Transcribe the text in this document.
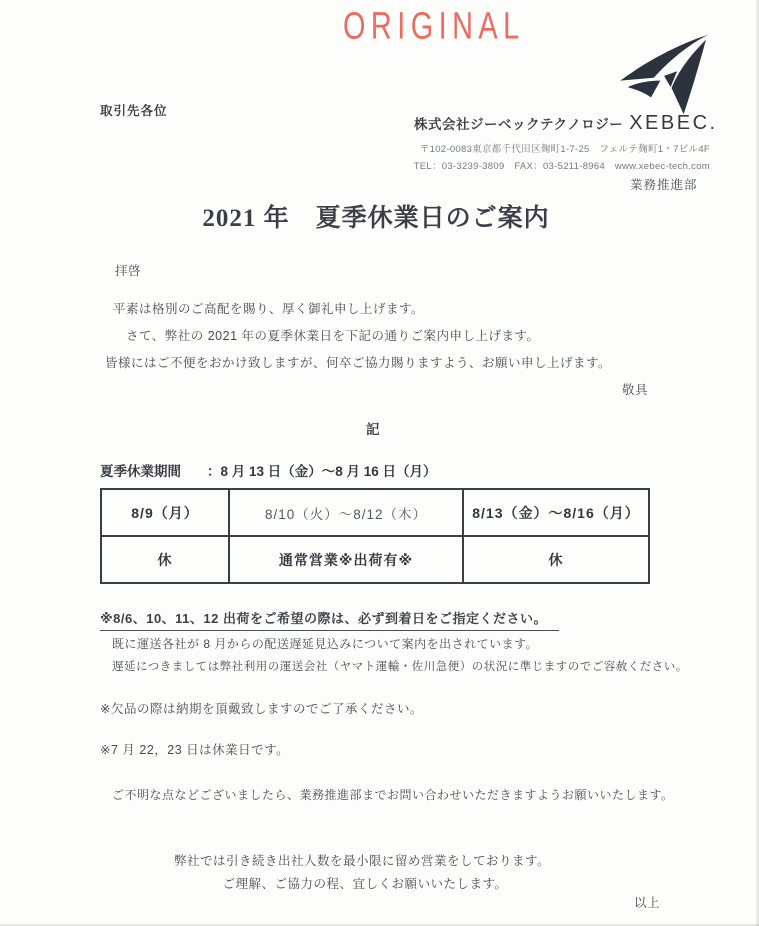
ORIGINAL
取引先各位
株式会社ジーベックテクノロジー XEBEC.
〒102-0083東京都千代田区麹町1-7-25　フェルテ麹町1・7ビル4F
TEL：03-3239-3809　FAX：03-5211-8964　www.xebec-tech.com
業務推進部
2021 年　夏季休業日のご案内
拝啓
平素は格別のご高配を賜り、厚く御礼申し上げます。
　さて、弊社の 2021 年の夏季休業日を下記の通りご案内申し上げます。
皆様にはご不便をおかけ致しますが、何卒ご協力賜りますよう、お願い申し上げます。
敬具
記
夏季休業期間 ：8 月 13 日（金）～8 月 16 日（月）
8/9（月）	8/10（火）～8/12（木）	8/13（金）～8/16（月）
休	通常営業※出荷有※	休
※8/6、10、11、12 出荷をご希望の際は、必ず到着日をご指定ください。
既に運送各社が 8 月からの配送遅延見込みについて案内を出されています。
遅延につきましては弊社利用の運送会社（ヤマト運輸・佐川急便）の状況に準じますのでご容赦ください。
※欠品の際は納期を頂戴致しますのでご了承ください。
※7 月 22，23 日は休業日です。
ご不明な点などございましたら、業務推進部までお問い合わせいただきますようお願いいたします。
弊社では引き続き出社人数を最小限に留め営業をしております。
ご理解、ご協力の程、宜しくお願いいたします。
以上
